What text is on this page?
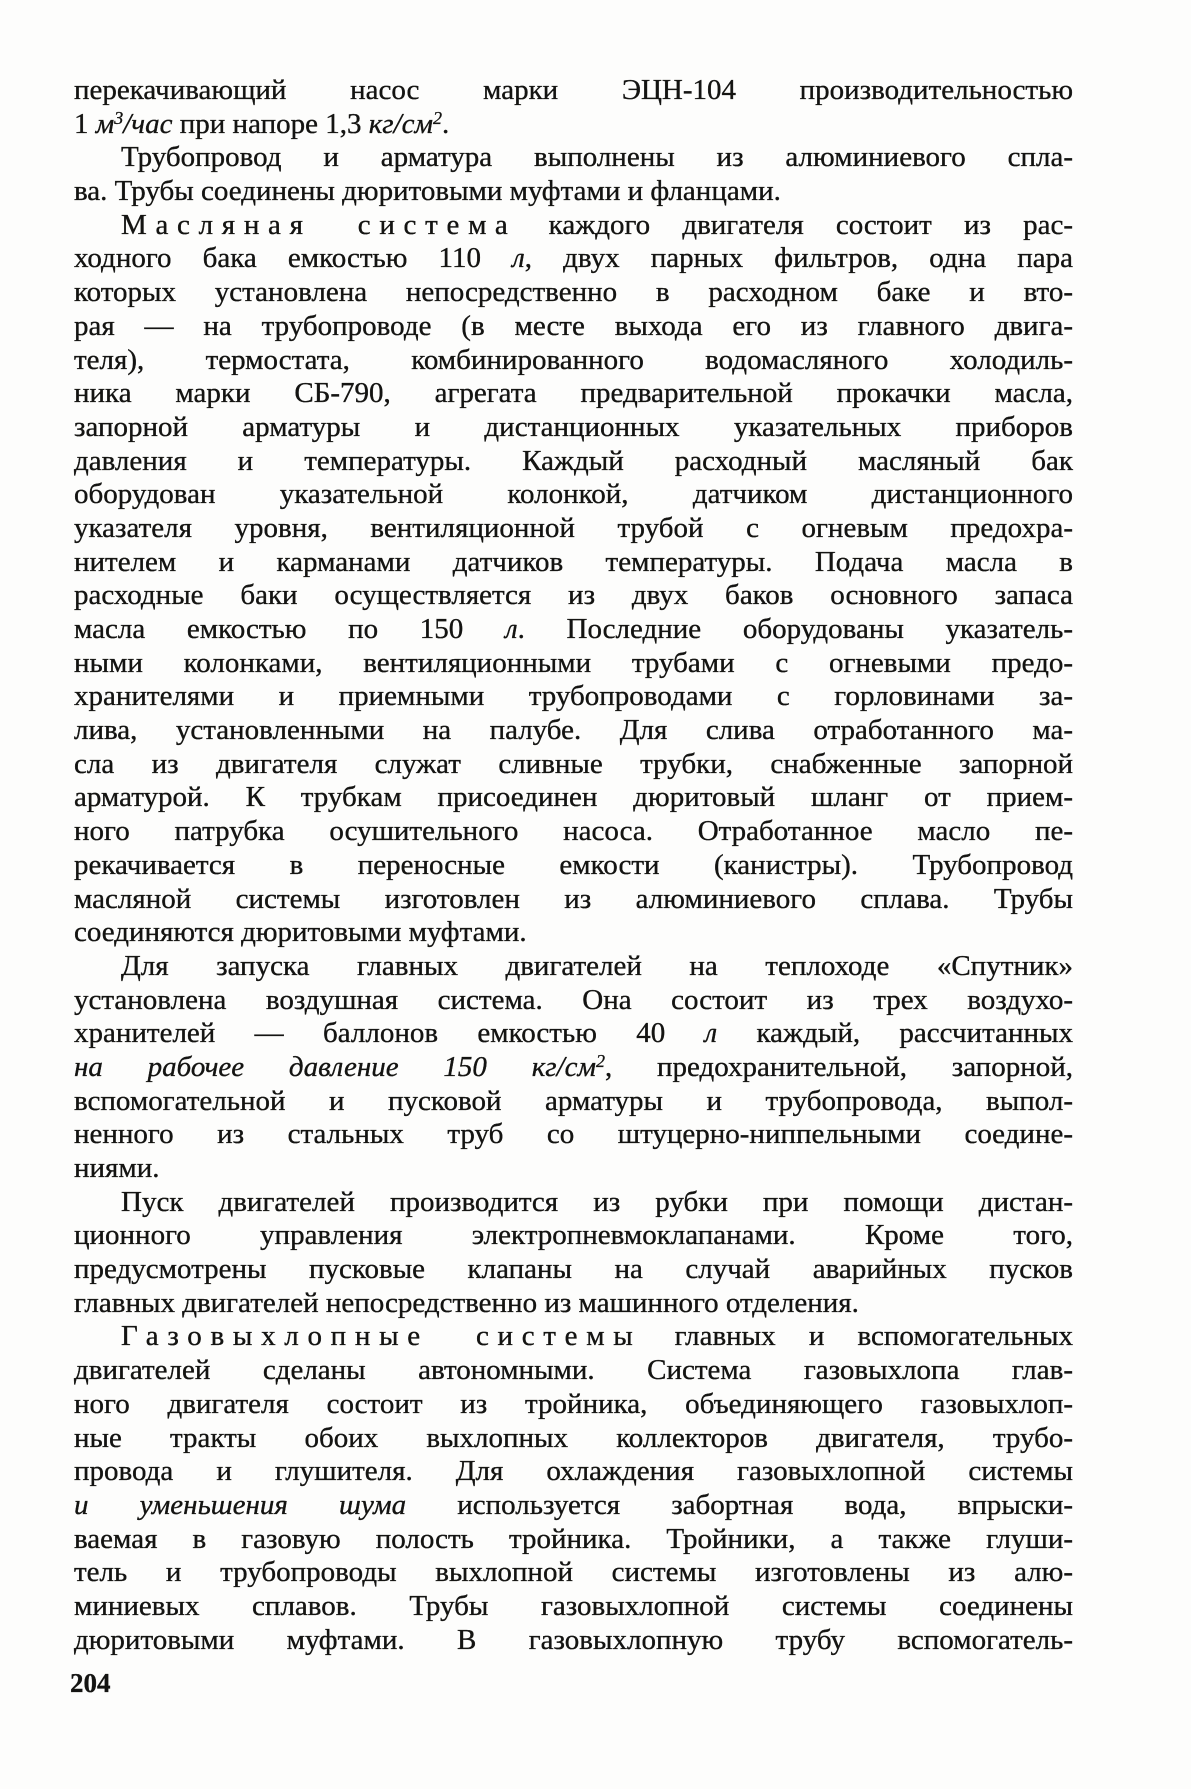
перекачивающий насос марки ЭЦН-104 производительностью
1 $м^3$/час при напоре 1,3 $кг/см^2$.
Трубопровод и арматура выполнены из алюминиевого спла-
ва. Трубы соединены дюритовыми муфтами и фланцами.
Масляная система каждого двигателя состоит из рас-
ходного бака емкостью 110 л, двух парных фильтров, одна пара
которых установлена непосредственно в расходном баке и вто-
рая — на трубопроводе (в месте выхода его из главного двига-
теля), термостата, комбинированного водомасляного холодиль-
ника марки СБ-790, агрегата предварительной прокачки масла,
запорной арматуры и дистанционных указательных приборов
давления и температуры. Каждый расходный масляный бак
оборудован указательной колонкой, датчиком дистанционного
указателя уровня, вентиляционной трубой с огневым предохра-
нителем и карманами датчиков температуры. Подача масла в
расходные баки осуществляется из двух баков основного запаса
масла емкостью по 150 л. Последние оборудованы указатель-
ными колонками, вентиляционными трубами с огневыми предо-
хранителями и приемными трубопроводами с горловинами за-
лива, установленными на палубе. Для слива отработанного ма-
сла из двигателя служат сливные трубки, снабженные запорной
арматурой. К трубкам присоединен дюритовый шланг от прием-
ного патрубка осушительного насоса. Отработанное масло пе-
рекачивается в переносные емкости (канистры). Трубопровод
масляной системы изготовлен из алюминиевого сплава. Трубы
соединяются дюритовыми муфтами.
Для запуска главных двигателей на теплоходе «Спутник»
установлена воздушная система. Она состоит из трех воздухо-
хранителей — баллонов емкостью 40 л каждый, рассчитанных
на рабочее давление 150 $кг/см^2$, предохранительной, запорной,
вспомогательной и пусковой арматуры и трубопровода, выпол-
ненного из стальных труб со штуцерно-ниппельными соедине-
ниями.
Пуск двигателей производится из рубки при помощи дистан-
ционного управления электропневмоклапанами. Кроме того,
предусмотрены пусковые клапаны на случай аварийных пусков
главных двигателей непосредственно из машинного отделения.
Газовыхлопные системы главных и вспомогательных
двигателей сделаны автономными. Система газовыхлопа глав-
ного двигателя состоит из тройника, объединяющего газовыхлоп-
ные тракты обоих выхлопных коллекторов двигателя, трубо-
провода и глушителя. Для охлаждения газовыхлопной системы
и уменьшения шума используется забортная вода, впрыски-
ваемая в газовую полость тройника. Тройники, а также глуши-
тель и трубопроводы выхлопной системы изготовлены из алю-
миниевых сплавов. Трубы газовыхлопной системы соединены
дюритовыми муфтами. В газовыхлопную трубу вспомогатель-
204
